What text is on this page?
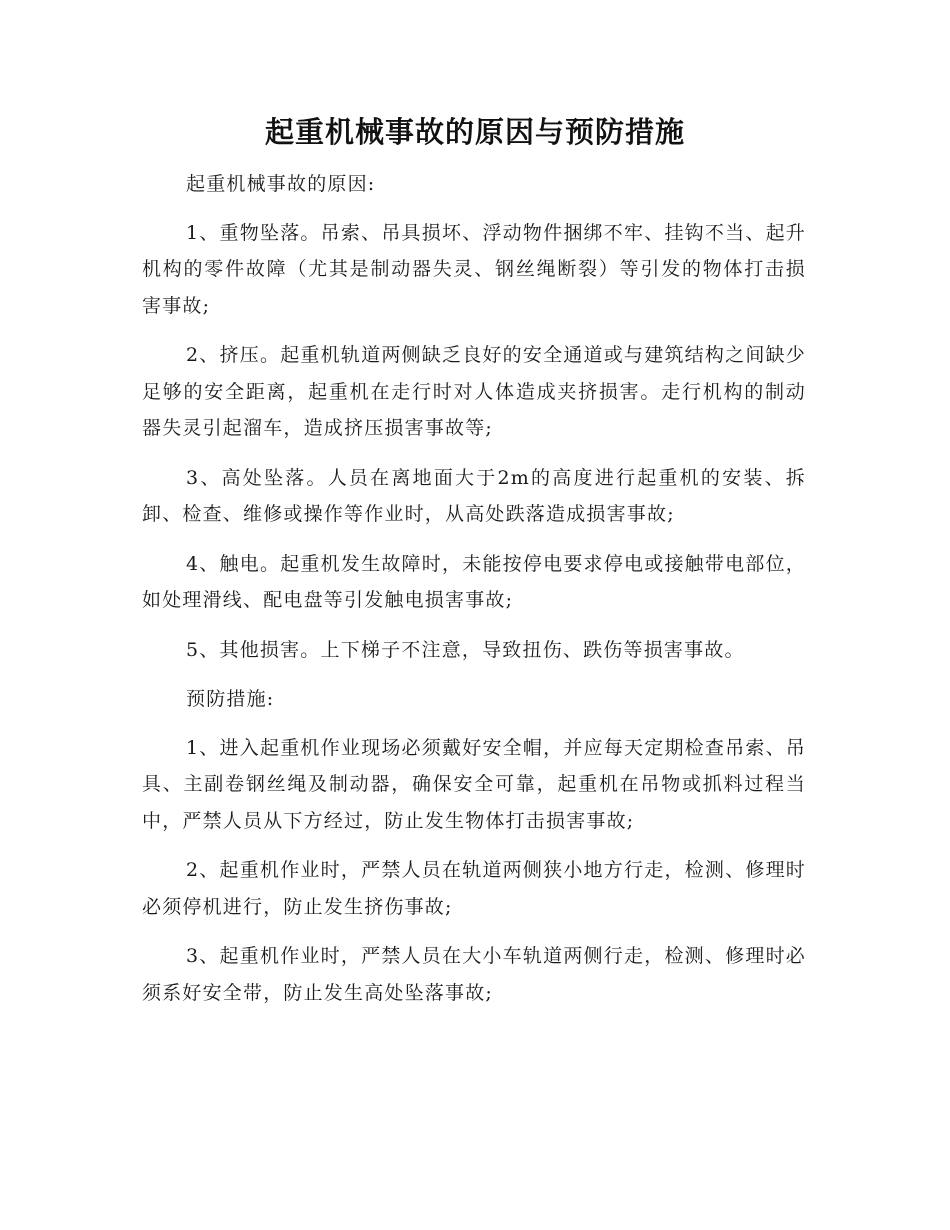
起重机械事故的原因与预防措施

起重机械事故的原因:

1、重物坠落。吊索、吊具损坏、浮动物件捆绑不牢、挂钩不当、起升机构的零件故障（尤其是制动器失灵、钢丝绳断裂）等引发的物体打击损害事故;

2、挤压。起重机轨道两侧缺乏良好的安全通道或与建筑结构之间缺少足够的安全距离，起重机在走行时对人体造成夹挤损害。走行机构的制动器失灵引起溜车，造成挤压损害事故等;

3、高处坠落。人员在离地面大于2m的高度进行起重机的安装、拆卸、检查、维修或操作等作业时，从高处跌落造成损害事故;

4、触电。起重机发生故障时，未能按停电要求停电或接触带电部位，如处理滑线、配电盘等引发触电损害事故;

5、其他损害。上下梯子不注意，导致扭伤、跌伤等损害事故。

预防措施:

1、进入起重机作业现场必须戴好安全帽，并应每天定期检查吊索、吊具、主副卷钢丝绳及制动器，确保安全可靠，起重机在吊物或抓料过程当中，严禁人员从下方经过，防止发生物体打击损害事故;

2、起重机作业时，严禁人员在轨道两侧狭小地方行走，检测、修理时必须停机进行，防止发生挤伤事故;

3、起重机作业时，严禁人员在大小车轨道两侧行走，检测、修理时必须系好安全带，防止发生高处坠落事故;
